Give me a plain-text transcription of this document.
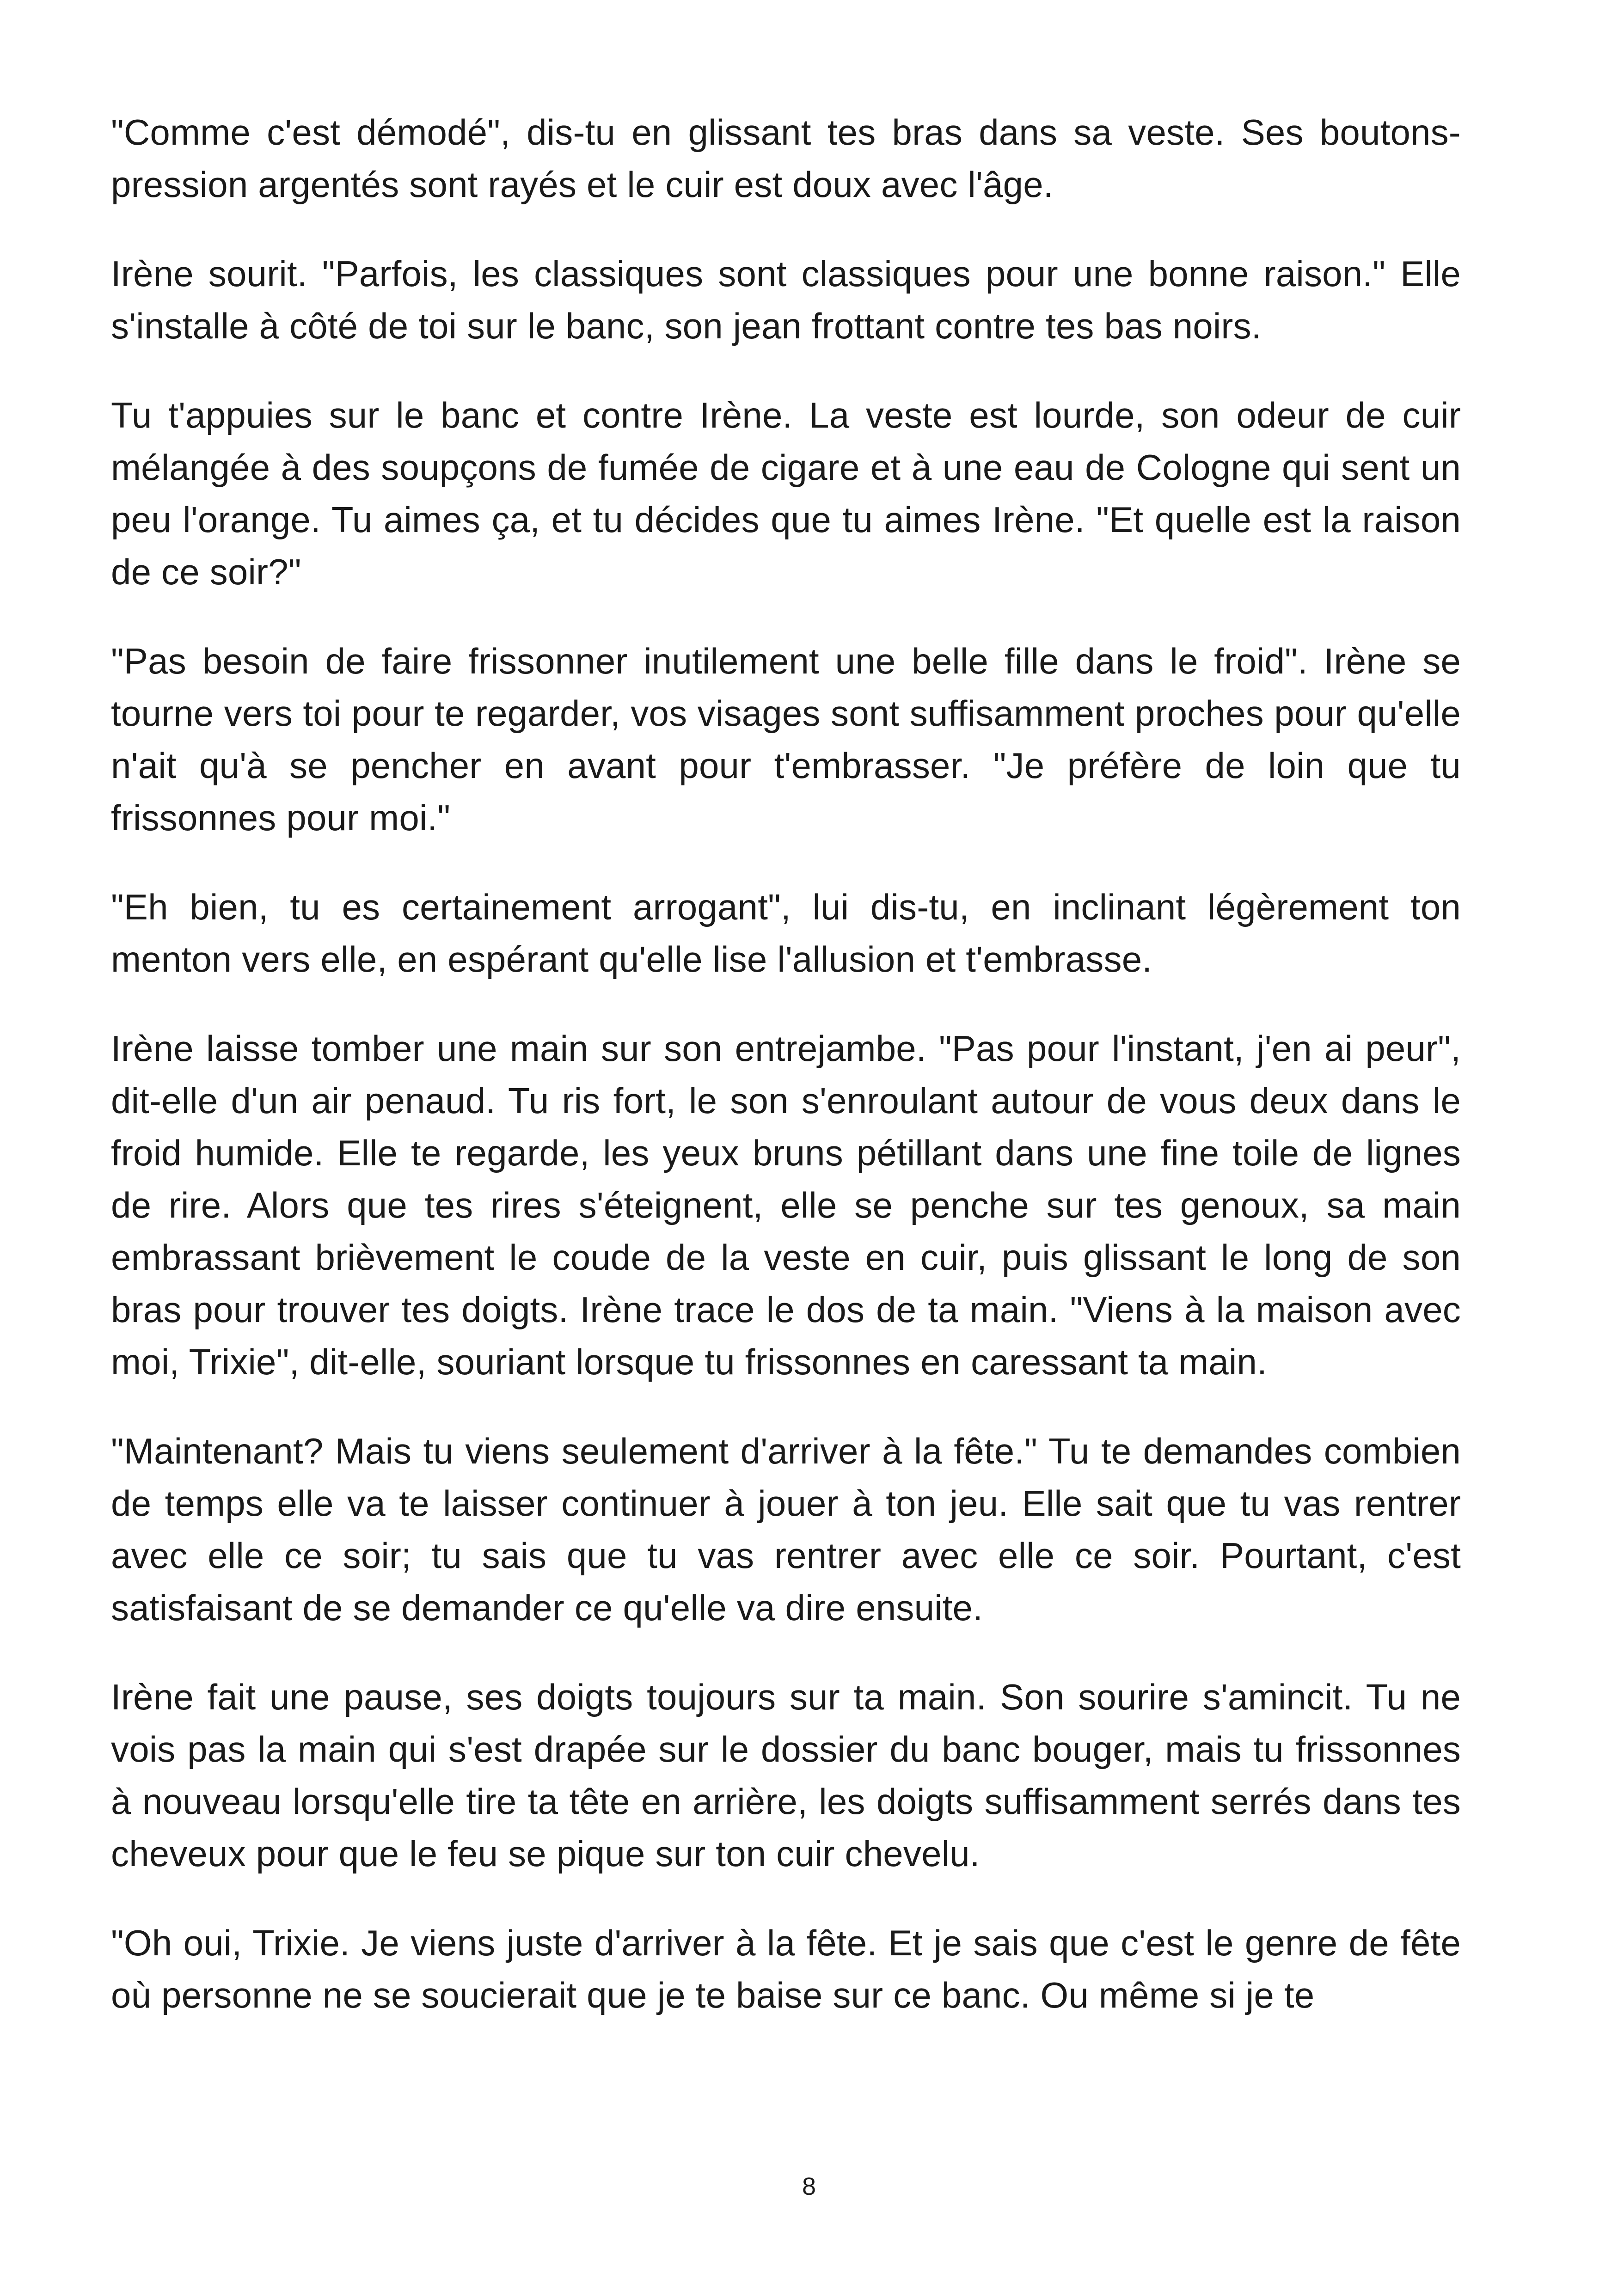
"Comme c'est démodé", dis-tu en glissant tes bras dans sa veste. Ses boutons-pression argentés sont rayés et le cuir est doux avec l'âge.

Irène sourit. "Parfois, les classiques sont classiques pour une bonne raison." Elle s'installe à côté de toi sur le banc, son jean frottant contre tes bas noirs.

Tu t'appuies sur le banc et contre Irène. La veste est lourde, son odeur de cuir mélangée à des soupçons de fumée de cigare et à une eau de Cologne qui sent un peu l'orange. Tu aimes ça, et tu décides que tu aimes Irène. "Et quelle est la raison de ce soir?"

"Pas besoin de faire frissonner inutilement une belle fille dans le froid". Irène se tourne vers toi pour te regarder, vos visages sont suffisamment proches pour qu'elle n'ait qu'à se pencher en avant pour t'embrasser. "Je préfère de loin que tu frissonnes pour moi."

"Eh bien, tu es certainement arrogant", lui dis-tu, en inclinant légèrement ton menton vers elle, en espérant qu'elle lise l'allusion et t'embrasse.

Irène laisse tomber une main sur son entrejambe. "Pas pour l'instant, j'en ai peur", dit-elle d'un air penaud. Tu ris fort, le son s'enroulant autour de vous deux dans le froid humide. Elle te regarde, les yeux bruns pétillant dans une fine toile de lignes de rire. Alors que tes rires s'éteignent, elle se penche sur tes genoux, sa main embrassant brièvement le coude de la veste en cuir, puis glissant le long de son bras pour trouver tes doigts. Irène trace le dos de ta main. "Viens à la maison avec moi, Trixie", dit-elle, souriant lorsque tu frissonnes en caressant ta main.

"Maintenant? Mais tu viens seulement d'arriver à la fête." Tu te demandes combien de temps elle va te laisser continuer à jouer à ton jeu. Elle sait que tu vas rentrer avec elle ce soir; tu sais que tu vas rentrer avec elle ce soir. Pourtant, c'est satisfaisant de se demander ce qu'elle va dire ensuite.

Irène fait une pause, ses doigts toujours sur ta main. Son sourire s'amincit. Tu ne vois pas la main qui s'est drapée sur le dossier du banc bouger, mais tu frissonnes à nouveau lorsqu'elle tire ta tête en arrière, les doigts suffisamment serrés dans tes cheveux pour que le feu se pique sur ton cuir chevelu.

"Oh oui, Trixie. Je viens juste d'arriver à la fête. Et je sais que c'est le genre de fête où personne ne se soucierait que je te baise sur ce banc. Ou même si je te

8
